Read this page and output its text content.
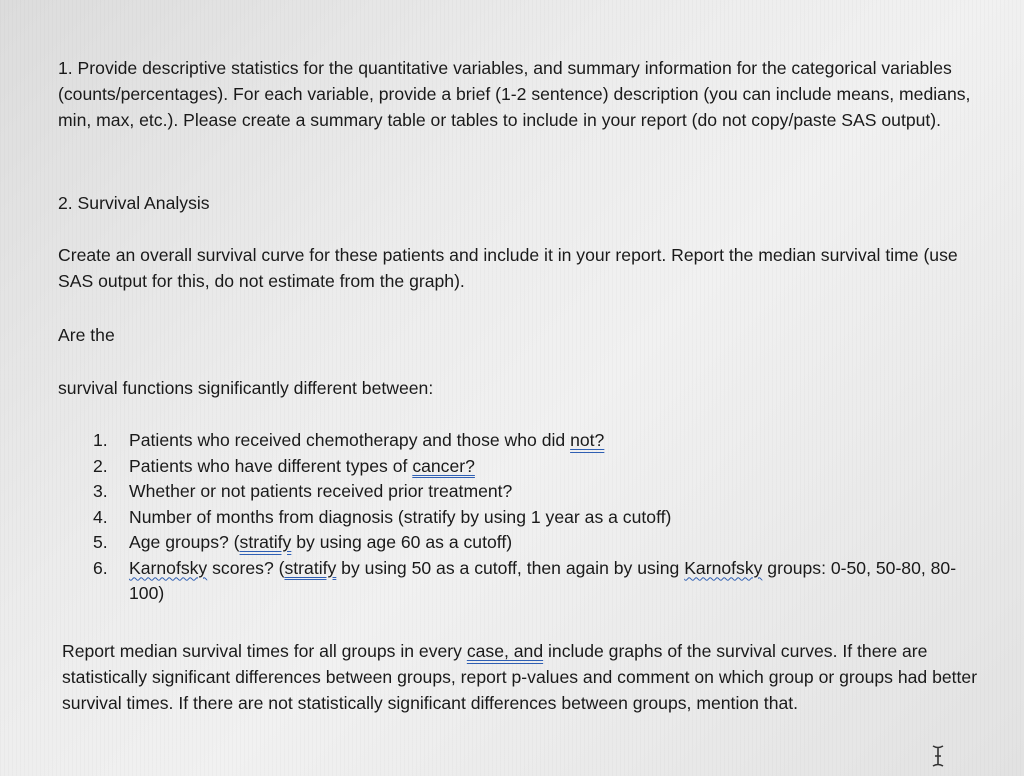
1. Provide descriptive statistics for the quantitative variables, and summary information for the categorical variables (counts/percentages). For each variable, provide a brief (1-2 sentence) description (you can include means, medians, min, max, etc.). Please create a summary table or tables to include in your report (do not copy/paste SAS output).
2. Survival Analysis
Create an overall survival curve for these patients and include it in your report. Report the median survival time (use SAS output for this, do not estimate from the graph).
Are the
survival functions significantly different between:
1.	Patients who received chemotherapy and those who did not?
2.	Patients who have different types of cancer?
3.	Whether or not patients received prior treatment?
4.	Number of months from diagnosis (stratify by using 1 year as a cutoff)
5.	Age groups? (stratify by using age 60 as a cutoff)
6.	Karnofsky scores? (stratify by using 50 as a cutoff, then again by using Karnofsky groups: 0-50, 50-80, 80-100)
Report median survival times for all groups in every case, and include graphs of the survival curves. If there are statistically significant differences between groups, report p-values and comment on which group or groups had better survival times. If there are not statistically significant differences between groups, mention that.
